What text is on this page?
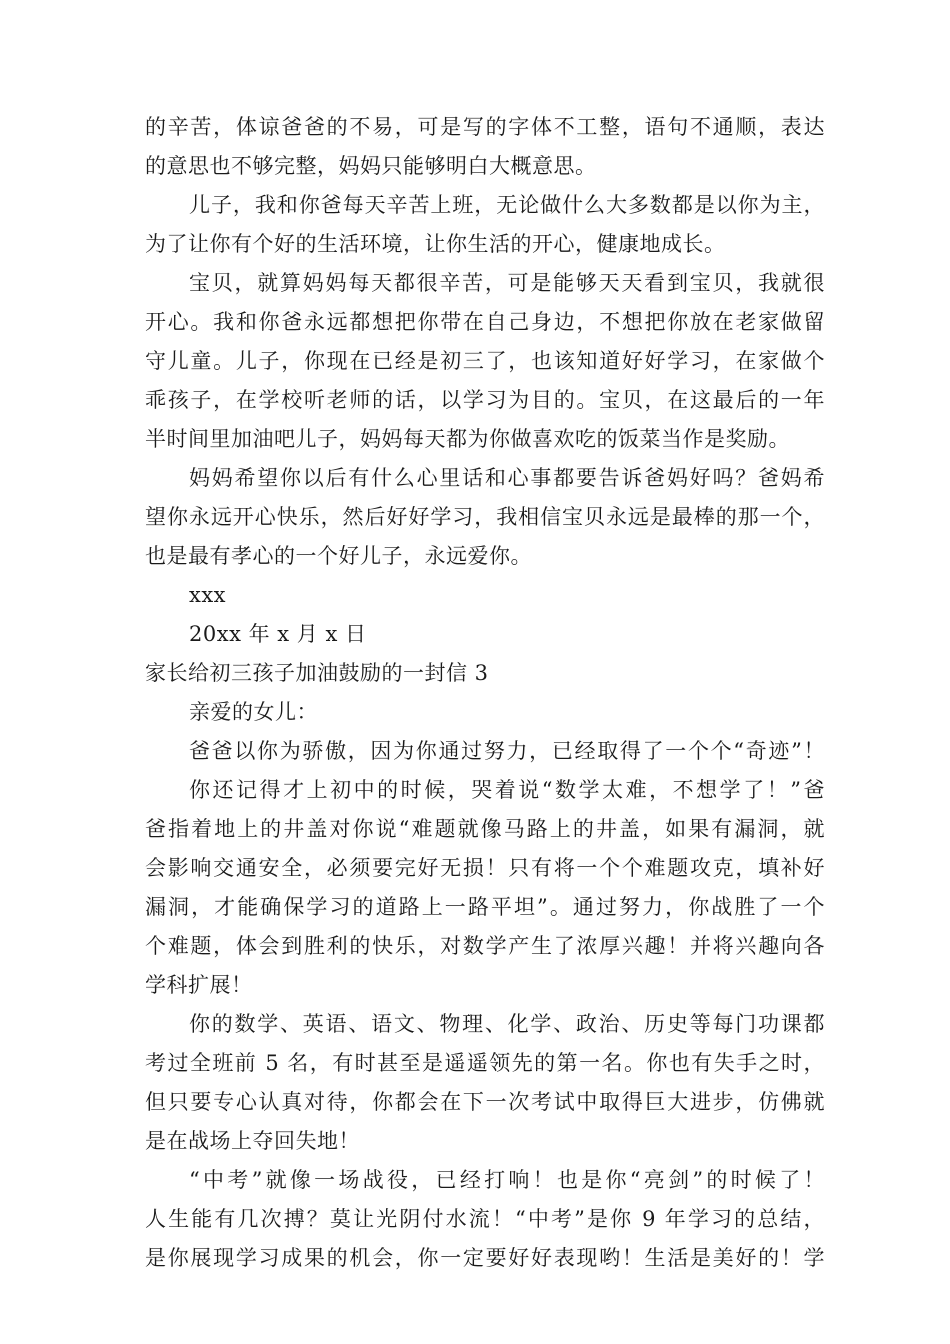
的辛苦，体谅爸爸的不易，可是写的字体不工整，语句不通顺，表达
的意思也不够完整，妈妈只能够明白大概意思。
儿子，我和你爸每天辛苦上班，无论做什么大多数都是以你为主，
为了让你有个好的生活环境，让你生活的开心，健康地成长。
宝贝，就算妈妈每天都很辛苦，可是能够天天看到宝贝，我就很
开心。我和你爸永远都想把你带在自己身边，不想把你放在老家做留
守儿童。儿子，你现在已经是初三了，也该知道好好学习，在家做个
乖孩子，在学校听老师的话，以学习为目的。宝贝，在这最后的一年
半时间里加油吧儿子，妈妈每天都为你做喜欢吃的饭菜当作是奖励。
妈妈希望你以后有什么心里话和心事都要告诉爸妈好吗？爸妈希
望你永远开心快乐，然后好好学习，我相信宝贝永远是最棒的那一个，
也是最有孝心的一个好儿子，永远爱你。
xxx
20xx 年 x 月 x 日
家长给初三孩子加油鼓励的一封信 3
亲爱的女儿：
爸爸以你为骄傲，因为你通过努力，已经取得了一个个“奇迹”！
你还记得才上初中的时候，哭着说“数学太难，不想学了！”爸
爸指着地上的井盖对你说“难题就像马路上的井盖，如果有漏洞，就
会影响交通安全，必须要完好无损！只有将一个个难题攻克，填补好
漏洞，才能确保学习的道路上一路平坦”。通过努力，你战胜了一个
个难题，体会到胜利的快乐，对数学产生了浓厚兴趣！并将兴趣向各
学科扩展！
你的数学、英语、语文、物理、化学、政治、历史等每门功课都
考过全班前 5 名，有时甚至是遥遥领先的第一名。你也有失手之时，
但只要专心认真对待，你都会在下一次考试中取得巨大进步，仿佛就
是在战场上夺回失地！
“中考”就像一场战役，已经打响！也是你“亮剑”的时候了！
人生能有几次搏？莫让光阴付水流！“中考”是你 9 年学习的总结，
是你展现学习成果的机会，你一定要好好表现哟！生活是美好的！学
